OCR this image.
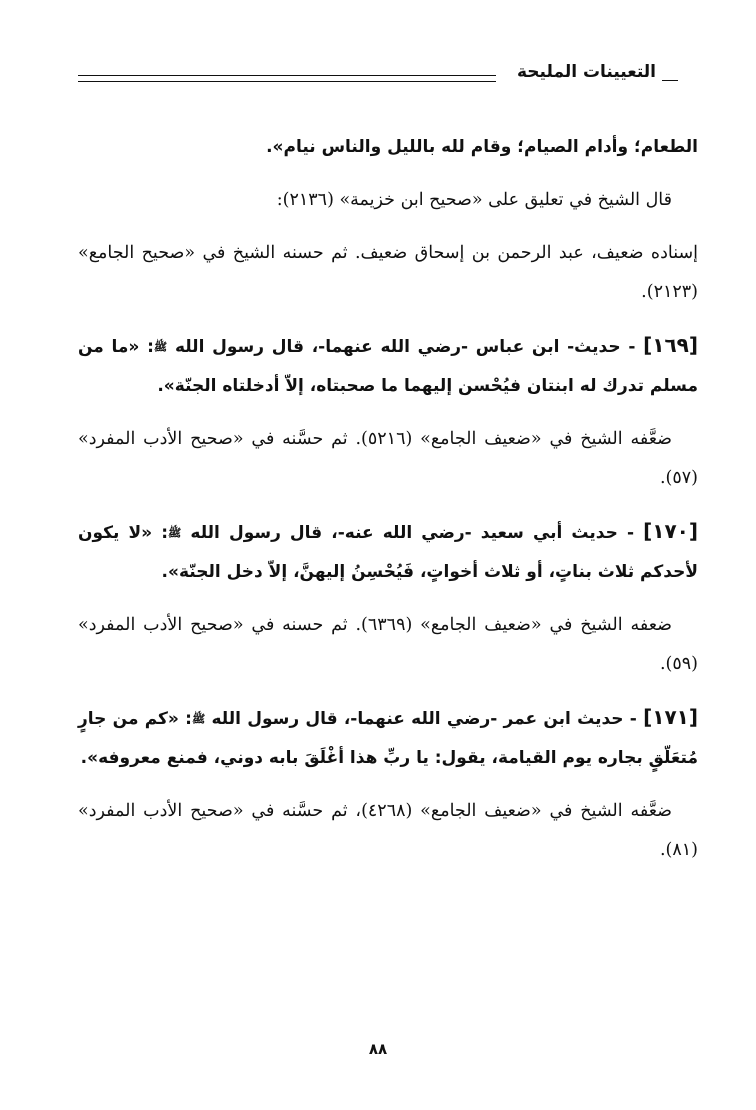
التعيينات المليحة

الطعام؛ وأدام الصيام؛ وقام لله بالليل والناس نيام».

قال الشيخ في تعليق على «صحيح ابن خزيمة» (٢١٣٦):

إسناده ضعيف، عبد الرحمن بن إسحاق ضعيف. ثم حسنه الشيخ في «صحيح الجامع» (٢١٢٣).

[١٦٩] - حديث- ابن عباس -رضي الله عنهما-، قال رسول الله ﷺ: «ما من مسلم تدرك له ابنتان فيُحْسن إليهما ما صحبتاه، إلاّ أدخلتاه الجنّة».

ضعَّفه الشيخ في «ضعيف الجامع» (٥٢١٦). ثم حسَّنه في «صحيح الأدب المفرد» (٥٧).

[١٧٠] - حديث أبي سعيد -رضي الله عنه-، قال رسول الله ﷺ: «لا يكون لأحدكم ثلاث بناتٍ، أو ثلاث أخواتٍ، فَيُحْسِنُ إليهنَّ، إلاّ دخل الجنّة».

ضعفه الشيخ في «ضعيف الجامع» (٦٣٦٩). ثم حسنه في «صحيح الأدب المفرد» (٥٩).

[١٧١] - حديث ابن عمر -رضي الله عنهما-، قال رسول الله ﷺ: «كم من جارٍ مُتعَلّقٍ بجاره يوم القيامة، يقول: يا ربِّ هذا أغْلَقَ بابه دوني، فمنع معروفه».

ضعَّفه الشيخ في «ضعيف الجامع» (٤٢٦٨)، ثم حسَّنه في «صحيح الأدب المفرد» (٨١).

٨٨
